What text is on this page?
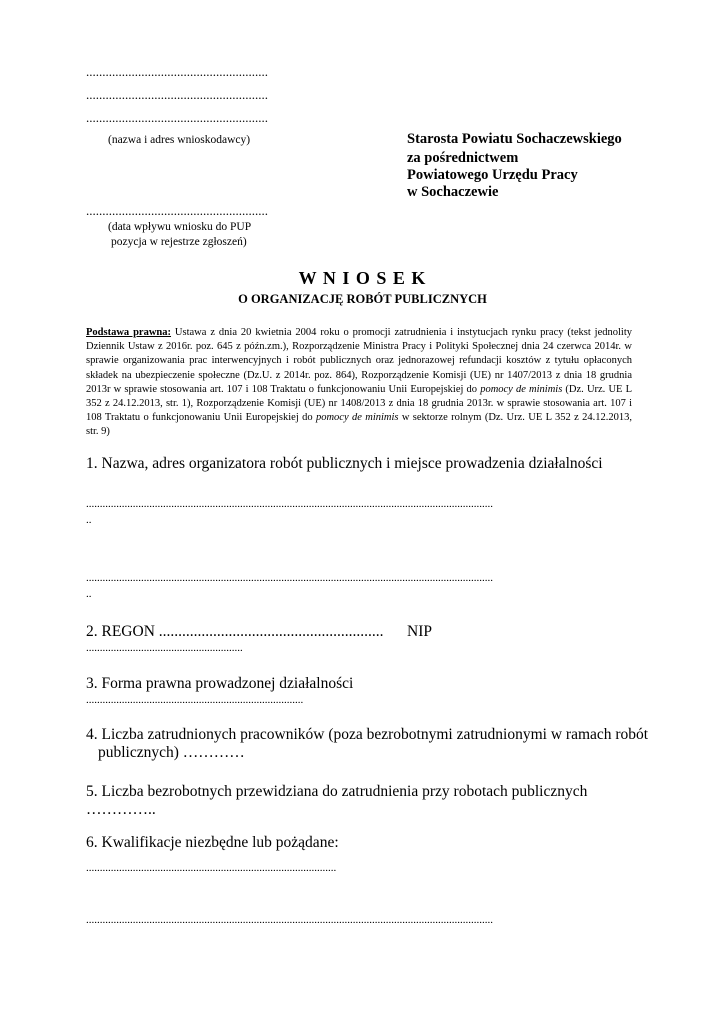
........................................................
........................................................
........................................................
(nazwa i adres wnioskodawcy)	Starosta Powiatu Sochaczewskiego
za pośrednictwem
Powiatowego Urzędu Pracy
w Sochaczewie
........................................................
(data wpływu wniosku do PUP
pozycja w rejestrze zgłoszeń)
W N I O S E K
O ORGANIZACJĘ ROBÓT PUBLICZNYCH
Podstawa prawna: Ustawa z dnia 20 kwietnia 2004 roku o promocji zatrudnienia i instytucjach rynku pracy (tekst jednolity Dziennik Ustaw z 2016r. poz. 645 z późn.zm.), Rozporządzenie Ministra Pracy i Polityki Społecznej dnia 24 czerwca 2014r. w sprawie organizowania prac interwencyjnych i robót publicznych oraz jednorazowej refundacji kosztów z tytułu opłaconych składek na ubezpieczenie społeczne (Dz.U. z 2014r. poz. 864), Rozporządzenie Komisji (UE) nr 1407/2013 z dnia 18 grudnia 2013r w sprawie stosowania art. 107 i 108 Traktatu o funkcjonowaniu Unii Europejskiej do pomocy de minimis (Dz. Urz. UE L 352 z 24.12.2013, str. 1), Rozporządzenie Komisji (UE) nr 1408/2013 z dnia 18 grudnia 2013r. w sprawie stosowania art. 107 i 108 Traktatu o funkcjonowaniu Unii Europejskiej do pomocy de minimis w sektorze rolnym (Dz. Urz. UE L 352 z 24.12.2013, str. 9)
1. Nazwa, adres organizatora robót publicznych i miejsce prowadzenia działalności
....................................................................................................................................................
..
....................................................................................................................................................
..
2. REGON .......................................................... NIP
.........................................................
3. Forma prawna prowadzonej działalności
...............................................................................
4. Liczba zatrudnionych pracowników (poza bezrobotnymi zatrudnionymi w ramach robót
publicznych) …………
5. Liczba bezrobotnych przewidziana do zatrudnienia przy robotach publicznych
…………..
6. Kwalifikacje niezbędne lub pożądane:
...........................................................................................
....................................................................................................................................................
